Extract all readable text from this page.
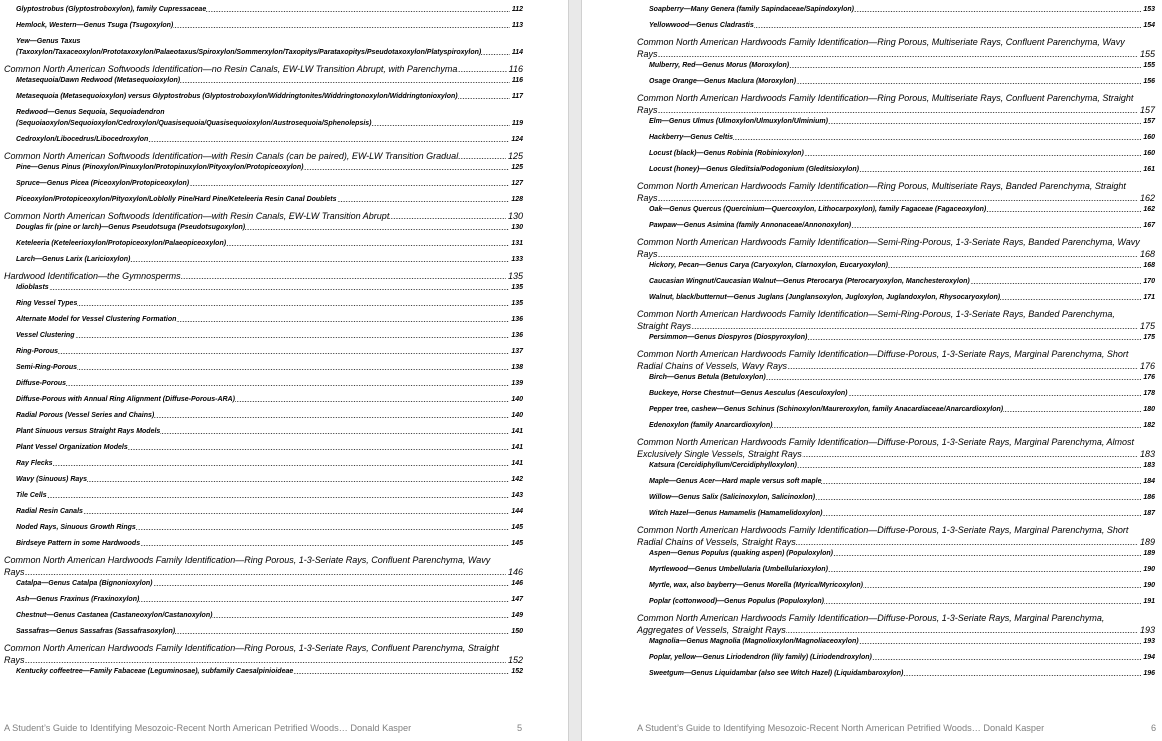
Glyptostrobus (Glyptostroboxylon), family Cupressaceae	112
Hemlock, Western—Genus Tsuga (Tsugoxylon)	113
Yew—Genus Taxus (Taxoxylon/Taxaceoxylon/Prototaxoxylon/Palaeotaxus/Spiroxylon/Sommerxylon/Taxopitys/Parataxopitys/Pseudotaxoxylon/Platyspiroxylon)	114
Common North American Softwoods Identification—no Resin Canals, EW-LW Transition Abrupt, with Parenchyma	116
Metasequoia/Dawn Redwood (Metasequoioxylon)	116
Metasequoia (Metasequoioxylon) versus Glyptostrobus (Glyptostroboxylon/Widdringtonites/Widdringtonoxylon/Widdringtonioxylon)	117
Redwood—Genus Sequoia, Sequoiadendron (Sequoiaoxylon/Sequoioxylon/Cedroxylon/Quasisequoia/Quasisequoioxylon/Austrosequoia/Sphenolepsis)	119
Cedroxylon/Libocedrus/Libocedroxylon	124
Common North American Softwoods Identification—with Resin Canals (can be paired), EW-LW Transition Gradual	125
Pine—Genus Pinus (Pinoxylon/Pinuxylon/Protopinuxylon/Pityoxylon/Protopiceoxylon)	125
Spruce—Genus Picea (Piceoxylon/Protopiceoxylon)	127
Piceoxylon/Protopiceoxylon/Pityoxylon/Loblolly Pine/Hard Pine/Keteleeria Resin Canal Doublets	128
Common North American Softwoods Identification—with Resin Canals, EW-LW Transition Abrupt	130
Douglas fir (pine or larch)—Genus Pseudotsuga (Pseudotsugoxylon)	130
Keteleeria (Keteleerioxylon/Protopiceoxylon/Palaeopiceoxylon)	131
Larch—Genus Larix (Laricioxylon)	133
Hardwood Identification—the Gymnosperms	135
Idioblasts	135
Ring Vessel Types	135
Alternate Model for Vessel Clustering Formation	136
Vessel Clustering	136
Ring-Porous	137
Semi-Ring-Porous	138
Diffuse-Porous	139
Diffuse-Porous with Annual Ring Alignment (Diffuse-Porous-ARA)	140
Radial Porous (Vessel Series and Chains)	140
Plant Sinuous versus Straight Rays Models	141
Plant Vessel Organization Models	141
Ray Flecks	141
Wavy (Sinuous) Rays	142
Tile Cells	143
Radial Resin Canals	144
Noded Rays, Sinuous Growth Rings	145
Birdseye Pattern in some Hardwoods	145
Common North American Hardwoods Family Identification—Ring Porous, 1-3-Seriate Rays, Confluent Parenchyma, Wavy Rays	146
Catalpa—Genus Catalpa (Bignonioxylon)	146
Ash—Genus Fraxinus (Fraxinoxylon)	147
Chestnut—Genus Castanea (Castaneoxylon/Castanoxylon)	149
Sassafras—Genus Sassafras (Sassafrasoxylon)	150
Common North American Hardwoods Family Identification—Ring Porous, 1-3-Seriate Rays, Confluent Parenchyma, Straight Rays	152
Kentucky coffeetree—Family Fabaceae (Leguminosae), subfamily Caesalpinioideae	152
A Student’s Guide to Identifying Mesozoic-Recent North American Petrified Woods… Donald Kasper	5
Soapberry—Many Genera (family Sapindaceae/Sapindoxylon)	153
Yellowwood—Genus Cladrastis	154
Common North American Hardwoods Family Identification—Ring Porous, Multiseriate Rays, Confluent Parenchyma, Wavy Rays	155
Mulberry, Red—Genus Morus (Moroxylon)	155
Osage Orange—Genus Maclura (Moroxylon)	156
Common North American Hardwoods Family Identification—Ring Porous, Multiseriate Rays, Confluent Parenchyma, Straight Rays	157
Elm—Genus Ulmus (Ulmoxylon/Ulmuxylon/Ulminium)	157
Hackberry—Genus Celtis	160
Locust (black)—Genus Robinia (Robinioxylon)	160
Locust (honey)—Genus Gleditsia/Podogonium (Gleditsioxylon)	161
Common North American Hardwoods Family Identification—Ring Porous, Multiseriate Rays, Banded Parenchyma, Straight Rays	162
Oak—Genus Quercus (Quercinium—Quercoxylon, Lithocarpoxylon), family Fagaceae (Fagaceoxylon)	162
Pawpaw—Genus Asimina (family Annonaceae/Annonoxylon)	167
Common North American Hardwoods Family Identification—Semi-Ring-Porous, 1-3-Seriate Rays, Banded Parenchyma, Wavy Rays	168
Hickory, Pecan—Genus Carya (Caryoxylon, Clarnoxylon, Eucaryoxylon)	168
Caucasian Wingnut/Caucasian Walnut—Genus Pterocarya (Pterocaryoxylon, Manchesteroxylon)	170
Walnut, black/butternut—Genus Juglans (Junglansoxylon, Jugloxylon, Juglandoxylon, Rhysocaryoxylon)	171
Common North American Hardwoods Family Identification—Semi-Ring-Porous, 1-3-Seriate Rays, Banded Parenchyma, Straight Rays	175
Persimmon—Genus Diospyros (Diospyroxylon)	175
Common North American Hardwoods Family Identification—Diffuse-Porous, 1-3-Seriate Rays, Marginal Parenchyma, Short Radial Chains of Vessels, Wavy Rays	176
Birch—Genus Betula (Betuloxylon)	176
Buckeye, Horse Chestnut—Genus Aesculus (Aesculoxylon)	178
Pepper tree, cashew—Genus Schinus (Schinoxylon/Maureroxylon, family Anacardiaceae/Anarcardioxylon)	180
Edenoxylon (family Anarcardioxylon)	182
Common North American Hardwoods Family Identification—Diffuse-Porous, 1-3-Seriate Rays, Marginal Parenchyma, Almost Exclusively Single Vessels, Straight Rays	183
Katsura (Cercidiphyllum/Cercidiphylloxylon)	183
Maple—Genus Acer—Hard maple versus soft maple	184
Willow—Genus Salix (Salicinoxylon, Salicinoxlon)	186
Witch Hazel—Genus Hamamelis (Hamamelidoxylon)	187
Common North American Hardwoods Family Identification—Diffuse-Porous, 1-3-Seriate Rays, Marginal Parenchyma, Short Radial Chains of Vessels, Straight Rays	189
Aspen—Genus Populus (quaking aspen) (Populoxylon)	189
Myrtlewood—Genus Umbellularia (Umbellularioxylon)	190
Myrtle, wax, also bayberry—Genus Morella (Myrica/Myricoxylon)	190
Poplar (cottonwood)—Genus Populus (Populoxylon)	191
Common North American Hardwoods Family Identification—Diffuse-Porous, 1-3-Seriate Rays, Marginal Parenchyma, Aggregates of Vessels, Straight Rays	193
Magnolia—Genus Magnolia (Magnolioxylon/Magnoliaceoxylon)	193
Poplar, yellow—Genus Liriodendron (lily family) (Liriodendroxylon)	194
Sweetgum—Genus Liquidambar (also see Witch Hazel) (Liquidambaroxylon)	196
A Student’s Guide to Identifying Mesozoic-Recent North American Petrified Woods… Donald Kasper	6
